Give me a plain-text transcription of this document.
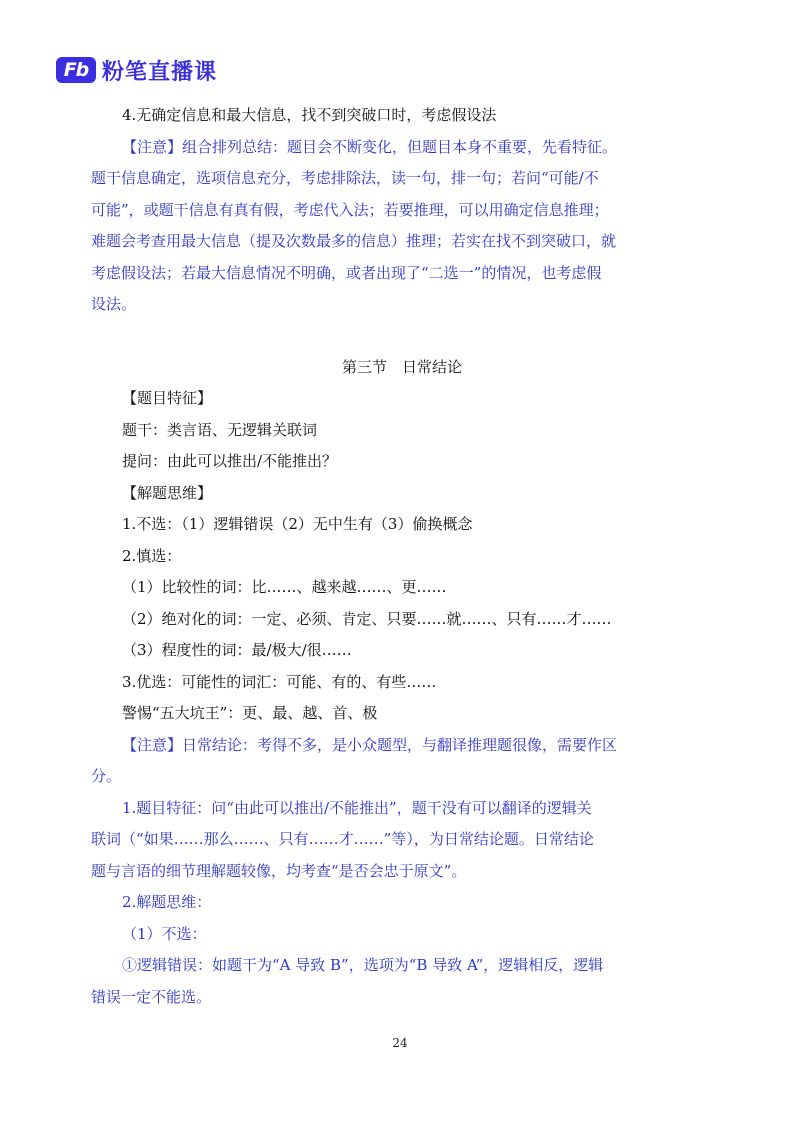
Fb 粉笔直播课
4.无确定信息和最大信息，找不到突破口时，考虑假设法
【注意】组合排列总结：题目会不断变化，但题目本身不重要，先看特征。
题干信息确定，选项信息充分，考虑排除法，读一句，排一句；若问“可能/不
可能”，或题干信息有真有假，考虑代入法；若要推理，可以用确定信息推理；
难题会考查用最大信息（提及次数最多的信息）推理；若实在找不到突破口，就
考虑假设法；若最大信息情况不明确，或者出现了“二选一”的情况，也考虑假
设法。
第三节　日常结论
【题目特征】
题干：类言语、无逻辑关联词
提问：由此可以推出/不能推出？
【解题思维】
1.不选：（1）逻辑错误（2）无中生有（3）偷换概念
2.慎选：
（1）比较性的词：比……、越来越……、更……
（2）绝对化的词：一定、必须、肯定、只要……就……、只有……才……
（3）程度性的词：最/极大/很……
3.优选：可能性的词汇：可能、有的、有些……
警惕“五大坑王”：更、最、越、首、极
【注意】日常结论：考得不多，是小众题型，与翻译推理题很像，需要作区
分。
1.题目特征：问“由此可以推出/不能推出”，题干没有可以翻译的逻辑关
联词（“如果……那么……、只有……才……”等），为日常结论题。日常结论
题与言语的细节理解题较像，均考查“是否会忠于原文”。
2.解题思维：
（1）不选：
①逻辑错误：如题干为“A 导致 B”，选项为“B 导致 A”，逻辑相反，逻辑
错误一定不能选。
24
